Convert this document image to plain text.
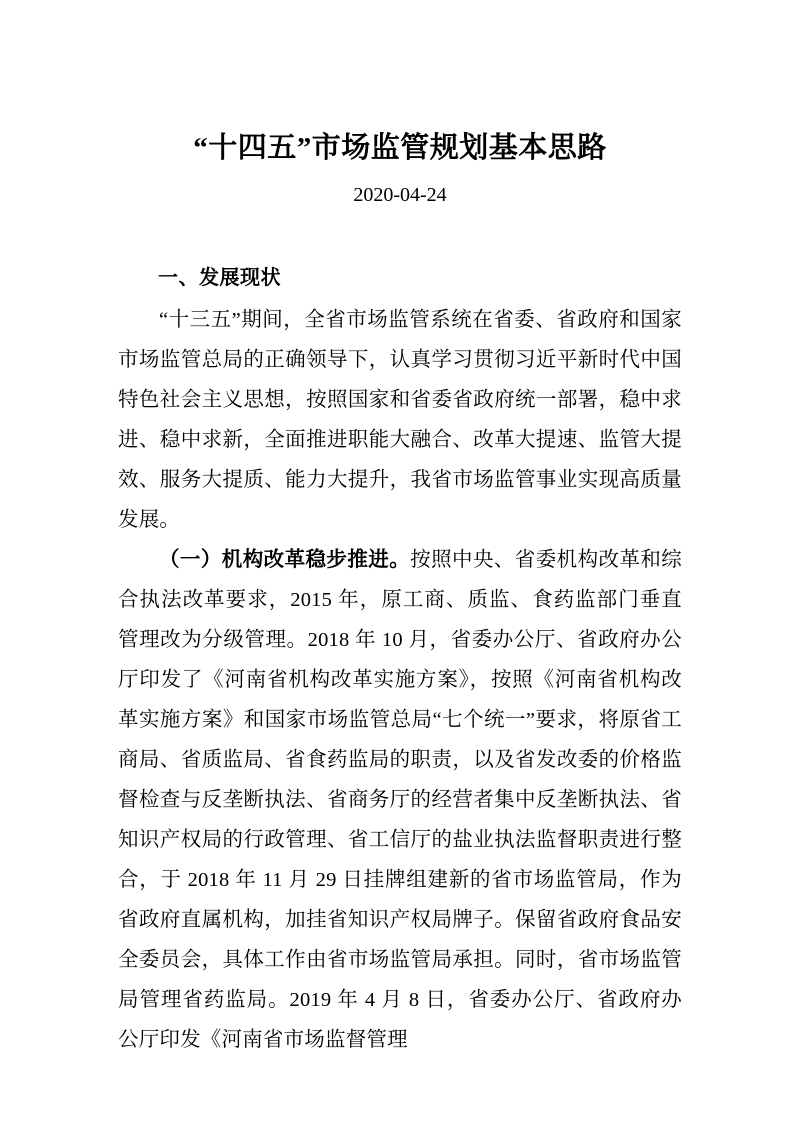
“十四五”市场监管规划基本思路
2020-04-24
一、发展现状

“十三五”期间，全省市场监管系统在省委、省政府和国家市场监管总局的正确领导下，认真学习贯彻习近平新时代中国特色社会主义思想，按照国家和省委省政府统一部署，稳中求进、稳中求新，全面推进职能大融合、改革大提速、监管大提效、服务大提质、能力大提升，我省市场监管事业实现高质量发展。

（一）机构改革稳步推进。按照中央、省委机构改革和综合执法改革要求，2015 年，原工商、质监、食药监部门垂直管理改为分级管理。2018 年 10 月，省委办公厅、省政府办公厅印发了《河南省机构改革实施方案》，按照《河南省机构改革实施方案》和国家市场监管总局“七个统一”要求，将原省工商局、省质监局、省食药监局的职责，以及省发改委的价格监督检查与反垄断执法、省商务厅的经营者集中反垄断执法、省知识产权局的行政管理、省工信厅的盐业执法监督职责进行整合，于 2018 年 11 月 29 日挂牌组建新的省市场监管局，作为省政府直属机构，加挂省知识产权局牌子。保留省政府食品安全委员会，具体工作由省市场监管局承担。同时，省市场监管局管理省药监局。2019 年 4 月 8 日，省委办公厅、省政府办公厅印发《河南省市场监督管理
